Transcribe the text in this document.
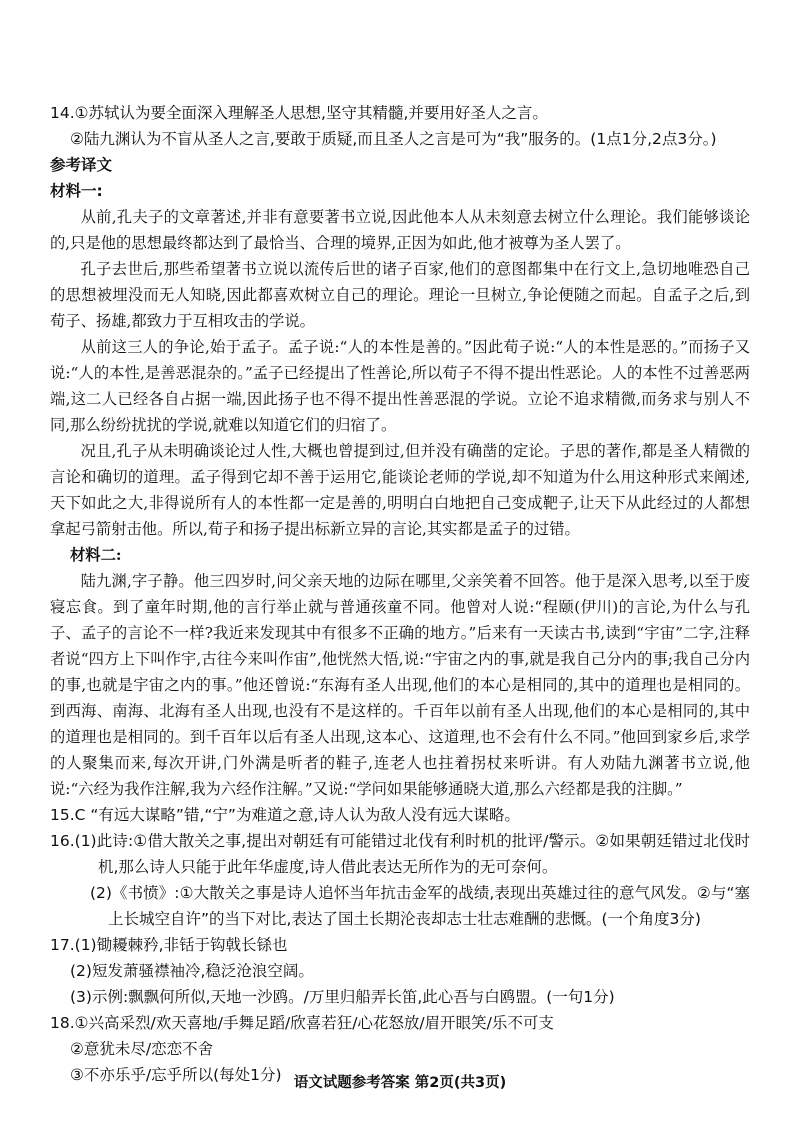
14.①苏轼认为要全面深入理解圣人思想,坚守其精髓,并要用好圣人之言。

②陆九渊认为不盲从圣人之言,要敢于质疑,而且圣人之言是可为“我”服务的。(1点1分,2点3分。)

参考译文

材料一:

从前,孔夫子的文章著述,并非有意要著书立说,因此他本人从未刻意去树立什么理论。我们能够谈论的,只是他的思想最终都达到了最恰当、合理的境界,正因为如此,他才被尊为圣人罢了。

孔子去世后,那些希望著书立说以流传后世的诸子百家,他们的意图都集中在行文上,急切地唯恐自己的思想被埋没而无人知晓,因此都喜欢树立自己的理论。理论一旦树立,争论便随之而起。自孟子之后,到荀子、扬雄,都致力于互相攻击的学说。

从前这三人的争论,始于孟子。孟子说:“人的本性是善的。”因此荀子说:“人的本性是恶的。”而扬子又说:“人的本性,是善恶混杂的。”孟子已经提出了性善论,所以荀子不得不提出性恶论。人的本性不过善恶两端,这二人已经各自占据一端,因此扬子也不得不提出性善恶混的学说。立论不追求精微,而务求与别人不同,那么纷纷扰扰的学说,就难以知道它们的归宿了。

况且,孔子从未明确谈论过人性,大概也曾提到过,但并没有确凿的定论。子思的著作,都是圣人精微的言论和确切的道理。孟子得到它却不善于运用它,能谈论老师的学说,却不知道为什么用这种形式来阐述,天下如此之大,非得说所有人的本性都一定是善的,明明白白地把自己变成靶子,让天下从此经过的人都想拿起弓箭射击他。所以,荀子和扬子提出标新立异的言论,其实都是孟子的过错。

材料二:

陆九渊,字子静。他三四岁时,问父亲天地的边际在哪里,父亲笑着不回答。他于是深入思考,以至于废寝忘食。到了童年时期,他的言行举止就与普通孩童不同。他曾对人说:“程颐(伊川)的言论,为什么与孔子、孟子的言论不一样?我近来发现其中有很多不正确的地方。”后来有一天读古书,读到“宇宙”二字,注释者说“四方上下叫作宇,古往今来叫作宙”,他恍然大悟,说:“宇宙之内的事,就是我自己分内的事;我自己分内的事,也就是宇宙之内的事。”他还曾说:“东海有圣人出现,他们的本心是相同的,其中的道理也是相同的。到西海、南海、北海有圣人出现,也没有不是这样的。千百年以前有圣人出现,他们的本心是相同的,其中的道理也是相同的。到千百年以后有圣人出现,这本心、这道理,也不会有什么不同。”他回到家乡后,求学的人聚集而来,每次开讲,门外满是听者的鞋子,连老人也拄着拐杖来听讲。有人劝陆九渊著书立说,他说:“六经为我作注解,我为六经作注解。”又说:“学问如果能够通晓大道,那么六经都是我的注脚。”

15.C “有远大谋略”错,“宁”为难道之意,诗人认为敌人没有远大谋略。

16.(1)此诗:①借大散关之事,提出对朝廷有可能错过北伐有利时机的批评/警示。②如果朝廷错过北伐时机,那么诗人只能于此年华虚度,诗人借此表达无所作为的无可奈何。

(2)《书愤》:①大散关之事是诗人追怀当年抗击金军的战绩,表现出英雄过往的意气风发。②与“塞上长城空自许”的当下对比,表达了国土长期沦丧却志士壮志难酬的悲慨。(一个角度3分)

17.(1)锄耰棘矜,非铦于钩戟长铩也

(2)短发萧骚襟袖冷,稳泛沧浪空阔。

(3)示例:飘飘何所似,天地一沙鸥。/万里归船弄长笛,此心吾与白鸥盟。(一句1分)

18.①兴高采烈/欢天喜地/手舞足蹈/欣喜若狂/心花怒放/眉开眼笑/乐不可支

②意犹未尽/恋恋不舍

③不亦乐乎/忘乎所以(每处1分) 语文试题参考答案 第2页(共3页)
